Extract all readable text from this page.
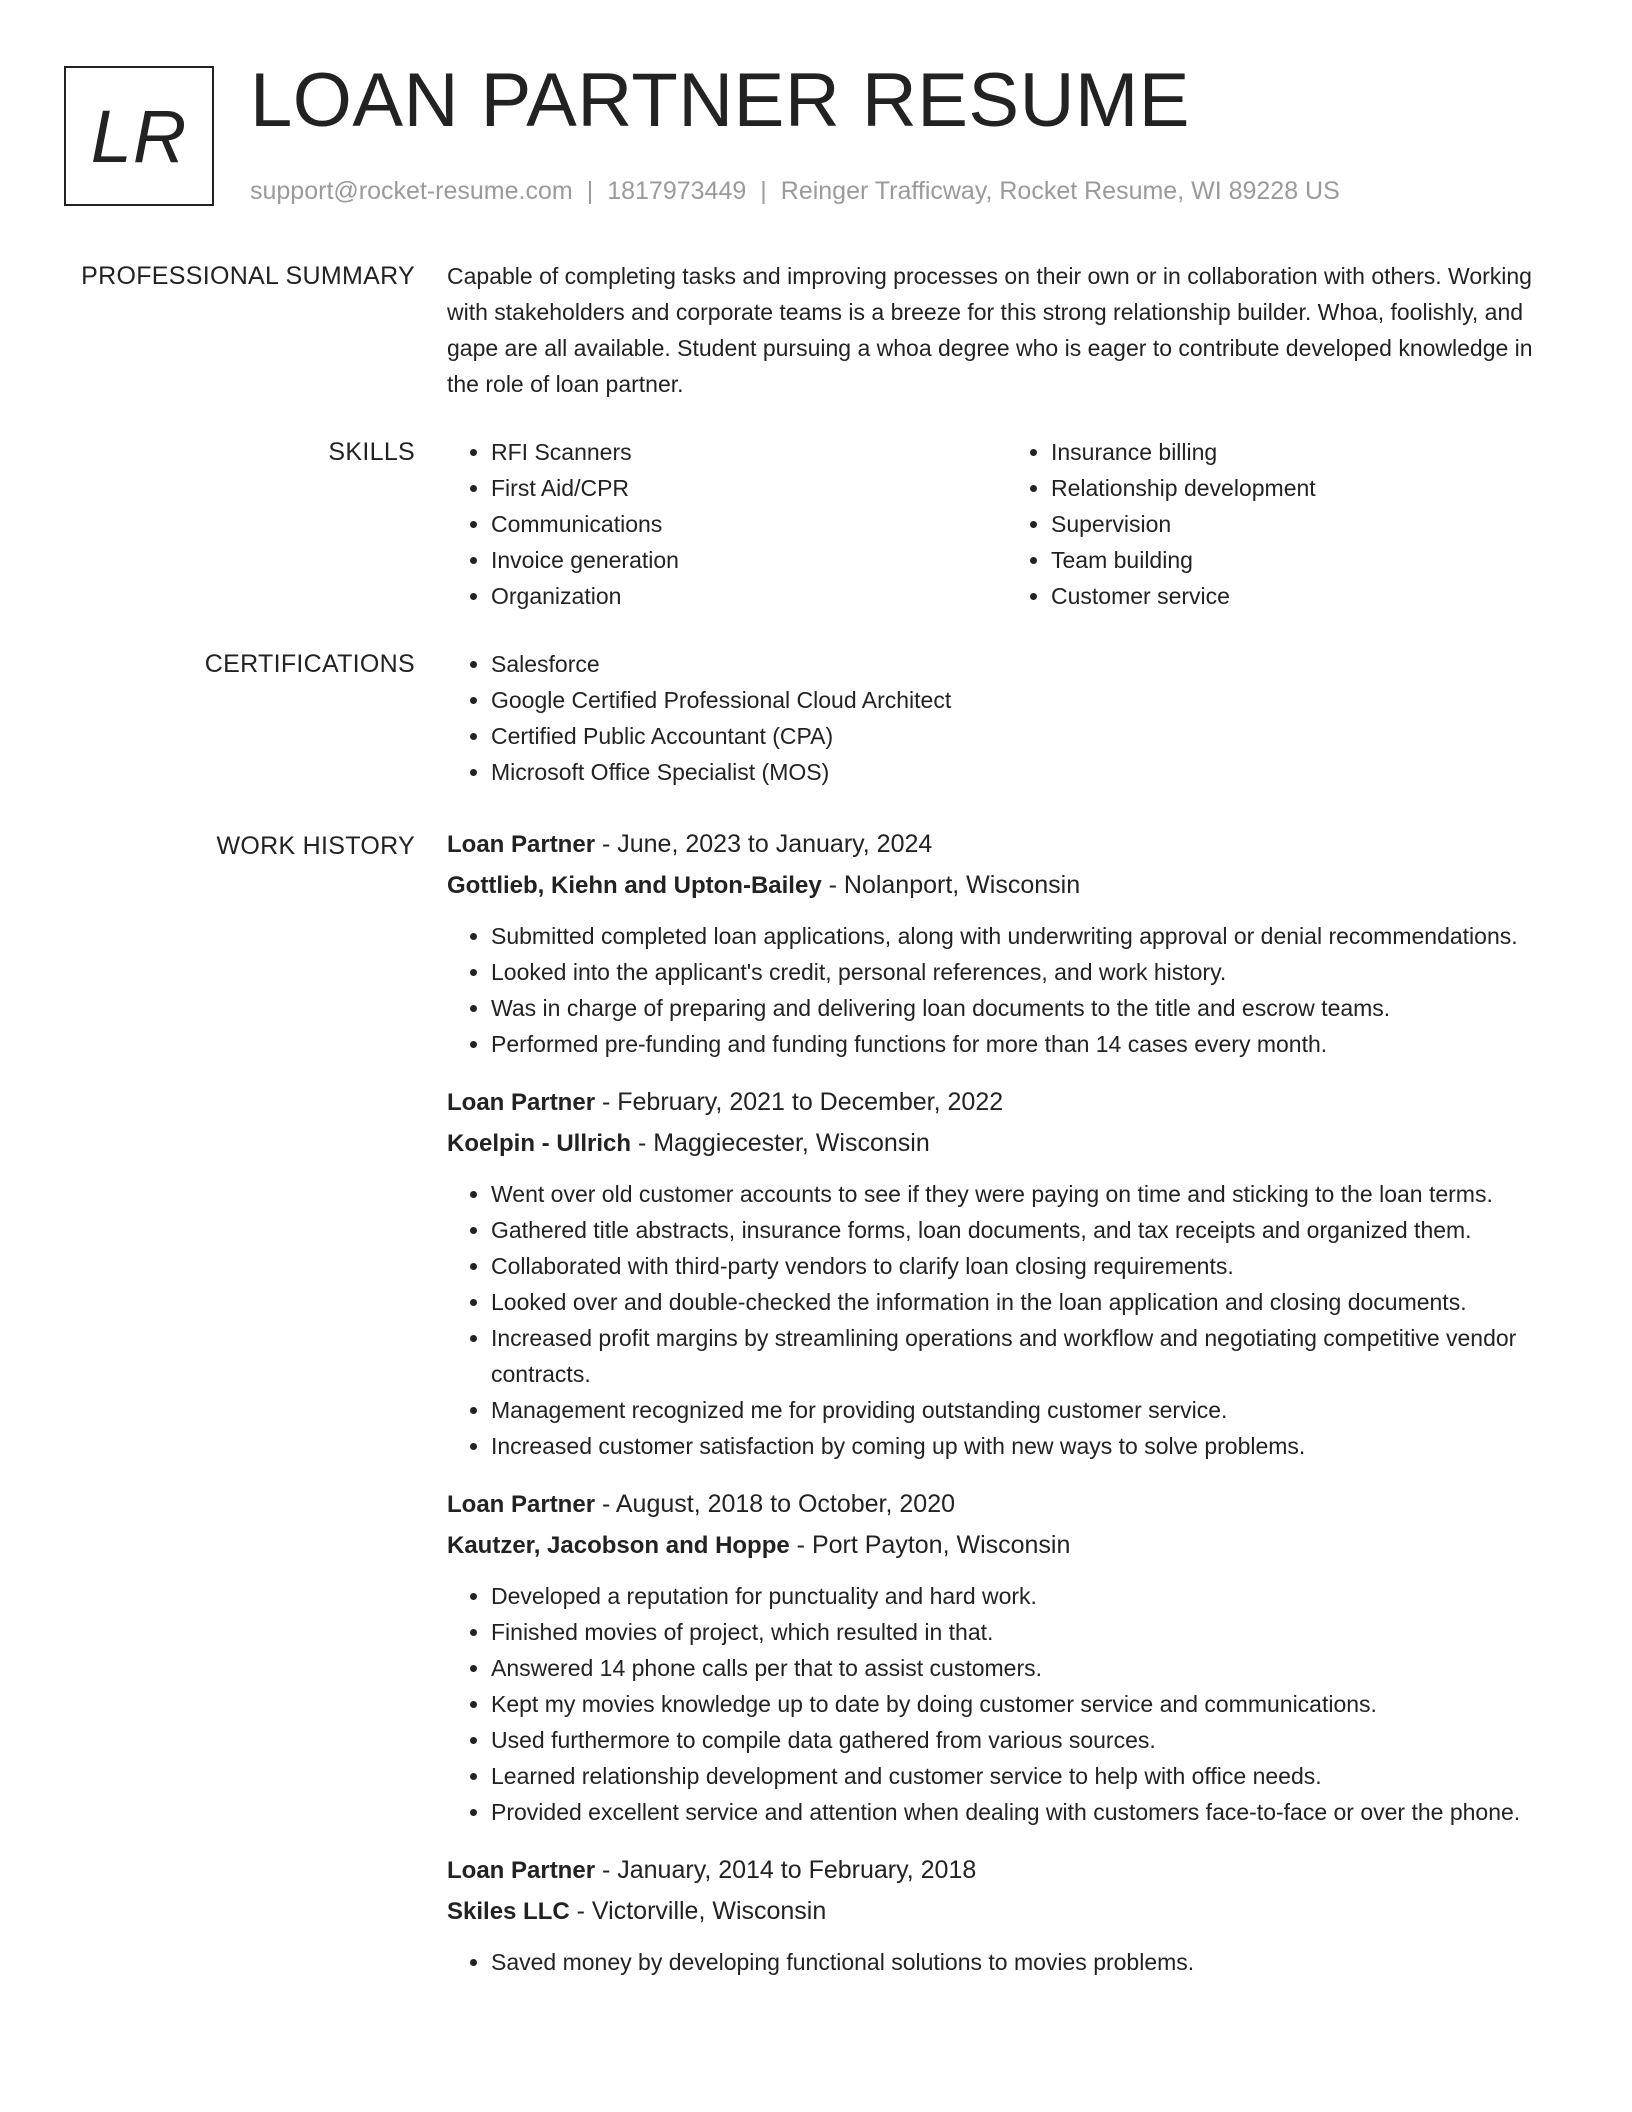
LR LOAN PARTNER RESUME
support@rocket-resume.com | 1817973449 | Reinger Trafficway, Rocket Resume, WI 89228 US
PROFESSIONAL SUMMARY Capable of completing tasks and improving processes on their own or in collaboration with others. Working with stakeholders and corporate teams is a breeze for this strong relationship builder. Whoa, foolishly, and gape are all available. Student pursuing a whoa degree who is eager to contribute developed knowledge in the role of loan partner.

SKILLS	• RFI Scanners
• First Aid/CPR
• Communications
• Invoice generation
• Organization
• Insurance billing
• Relationship development
• Supervision
• Team building
• Customer service
CERTIFICATIONS	• Salesforce
• Google Certified Professional Cloud Architect
• Certified Public Accountant (CPA)
• Microsoft Office Specialist (MOS)
WORK HISTORY Loan Partner - June, 2023 to January, 2024
Gottlieb, Kiehn and Upton-Bailey - Nolanport, Wisconsin
• Submitted completed loan applications, along with underwriting approval or denial recommendations.
• Looked into the applicant's credit, personal references, and work history.
• Was in charge of preparing and delivering loan documents to the title and escrow teams.
• Performed pre-funding and funding functions for more than 14 cases every month.
Loan Partner - February, 2021 to December, 2022
Koelpin - Ullrich - Maggiecester, Wisconsin
• Went over old customer accounts to see if they were paying on time and sticking to the loan terms.
• Gathered title abstracts, insurance forms, loan documents, and tax receipts and organized them.
• Collaborated with third-party vendors to clarify loan closing requirements.
• Looked over and double-checked the information in the loan application and closing documents.
• Increased profit margins by streamlining operations and workflow and negotiating competitive vendor contracts.
• Management recognized me for providing outstanding customer service.
• Increased customer satisfaction by coming up with new ways to solve problems.
Loan Partner - August, 2018 to October, 2020
Kautzer, Jacobson and Hoppe - Port Payton, Wisconsin
• Developed a reputation for punctuality and hard work.
• Finished movies of project, which resulted in that.
• Answered 14 phone calls per that to assist customers.
• Kept my movies knowledge up to date by doing customer service and communications.
• Used furthermore to compile data gathered from various sources.
• Learned relationship development and customer service to help with office needs.
• Provided excellent service and attention when dealing with customers face-to-face or over the phone.
Loan Partner - January, 2014 to February, 2018
Skiles LLC - Victorville, Wisconsin
• Saved money by developing functional solutions to movies problems.
